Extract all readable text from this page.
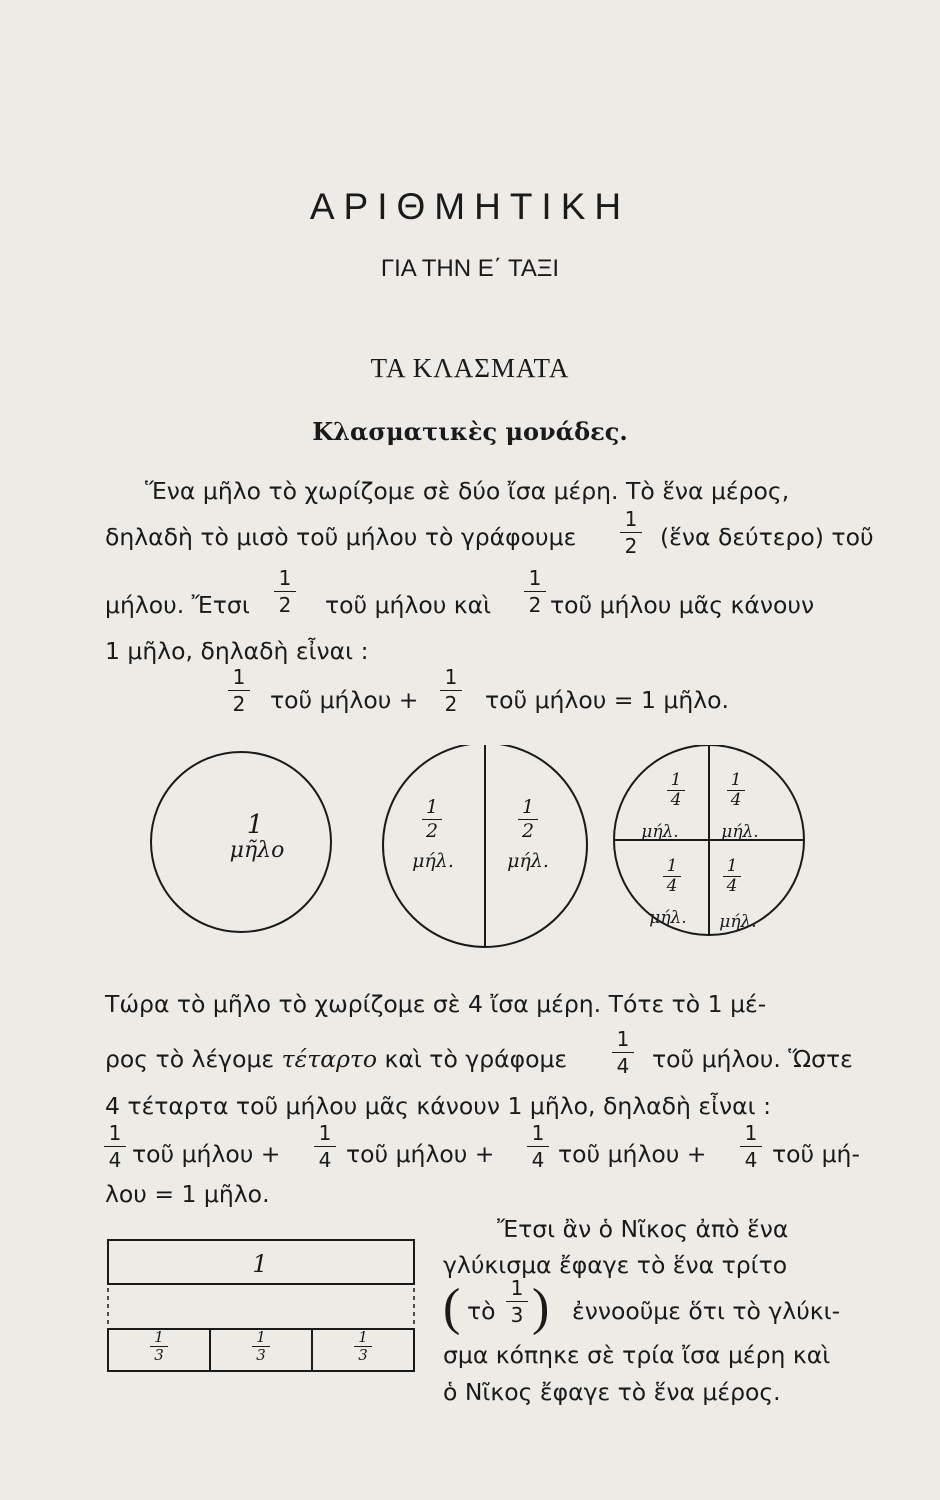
ΑΡΙΘΜΗΤΙΚΗ
ΓΙΑ ΤΗΝ Ε΄ ΤΑΞΙ
ΤΑ ΚΛΑΣΜΑΤΑ
Κλασματικὲς μονάδες.
Ἕνα μῆλο τὸ χωρίζομε σὲ δύο ἴσα μέρη. Τὸ ἕνα μέρος,
δηλαδὴ τὸ μισὸ τοῦ μήλου τὸ γράφουμε
1
2 (ἕνα δεύτερο) τοῦ
μήλου. Ἔτσι
1
2 τοῦ μήλου καὶ
1
2 τοῦ μήλου μᾶς κάνουν
1 μῆλο, δηλαδὴ εἶναι :
1
2 τοῦ μήλου +
1
2 τοῦ μήλου = 1 μῆλο.
1
μῆλο
1
2
μήλ.
1
2
μήλ.
1
4
μήλ.
1
4
μήλ.
1
4
μήλ.
1
4
μήλ.
Τώρα τὸ μῆλο τὸ χωρίζομε σὲ 4 ἴσα μέρη. Τότε τὸ 1 μέ-
ρος τὸ λέγομε τέταρτο καὶ τὸ γράφομε
1
4 τοῦ μήλου. Ὥστε
4 τέταρτα τοῦ μήλου μᾶς κάνουν 1 μῆλο, δηλαδὴ εἶναι :
1
4 τοῦ μήλου +
1
4 τοῦ μήλου +
1
4 τοῦ μήλου +
1
4 τοῦ μή-
λου = 1 μῆλο.
1
1
3
1
3
1
3
Ἔτσι ἂν ὁ Νῖκος ἀπὸ ἕνα
γλύκισμα ἔφαγε τὸ ἕνα τρίτο
( τὸ
1
3 ) ἐννοοῦμε ὅτι τὸ γλύκι-
σμα κόπηκε σὲ τρία ἴσα μέρη καὶ
ὁ Νῖκος ἔφαγε τὸ ἕνα μέρος.
